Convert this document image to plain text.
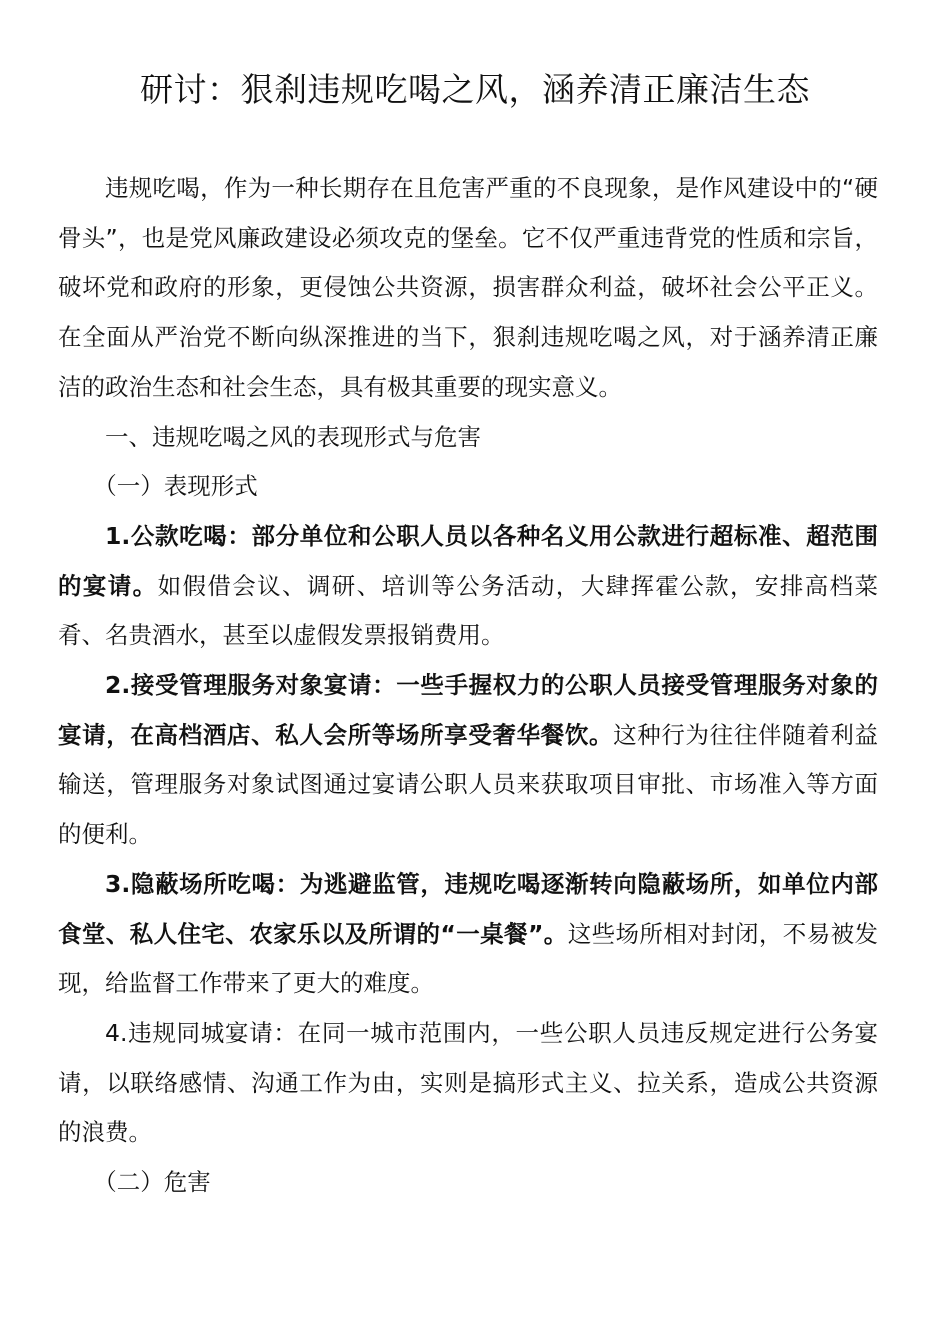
研讨：狠刹违规吃喝之风，涵养清正廉洁生态

违规吃喝，作为一种长期存在且危害严重的不良现象，是作风建设中的“硬骨头”，也是党风廉政建设必须攻克的堡垒。它不仅严重违背党的性质和宗旨，破坏党和政府的形象，更侵蚀公共资源，损害群众利益，破坏社会公平正义。在全面从严治党不断向纵深推进的当下，狠刹违规吃喝之风，对于涵养清正廉洁的政治生态和社会生态，具有极其重要的现实意义。

一、违规吃喝之风的表现形式与危害

（一）表现形式

1.公款吃喝：部分单位和公职人员以各种名义用公款进行超标准、超范围的宴请。如假借会议、调研、培训等公务活动，大肆挥霍公款，安排高档菜肴、名贵酒水，甚至以虚假发票报销费用。

2.接受管理服务对象宴请：一些手握权力的公职人员接受管理服务对象的宴请，在高档酒店、私人会所等场所享受奢华餐饮。这种行为往往伴随着利益输送，管理服务对象试图通过宴请公职人员来获取项目审批、市场准入等方面的便利。

3.隐蔽场所吃喝：为逃避监管，违规吃喝逐渐转向隐蔽场所，如单位内部食堂、私人住宅、农家乐以及所谓的“一桌餐”。这些场所相对封闭，不易被发现，给监督工作带来了更大的难度。

4.违规同城宴请：在同一城市范围内，一些公职人员违反规定进行公务宴请，以联络感情、沟通工作为由，实则是搞形式主义、拉关系，造成公共资源的浪费。

（二）危害
